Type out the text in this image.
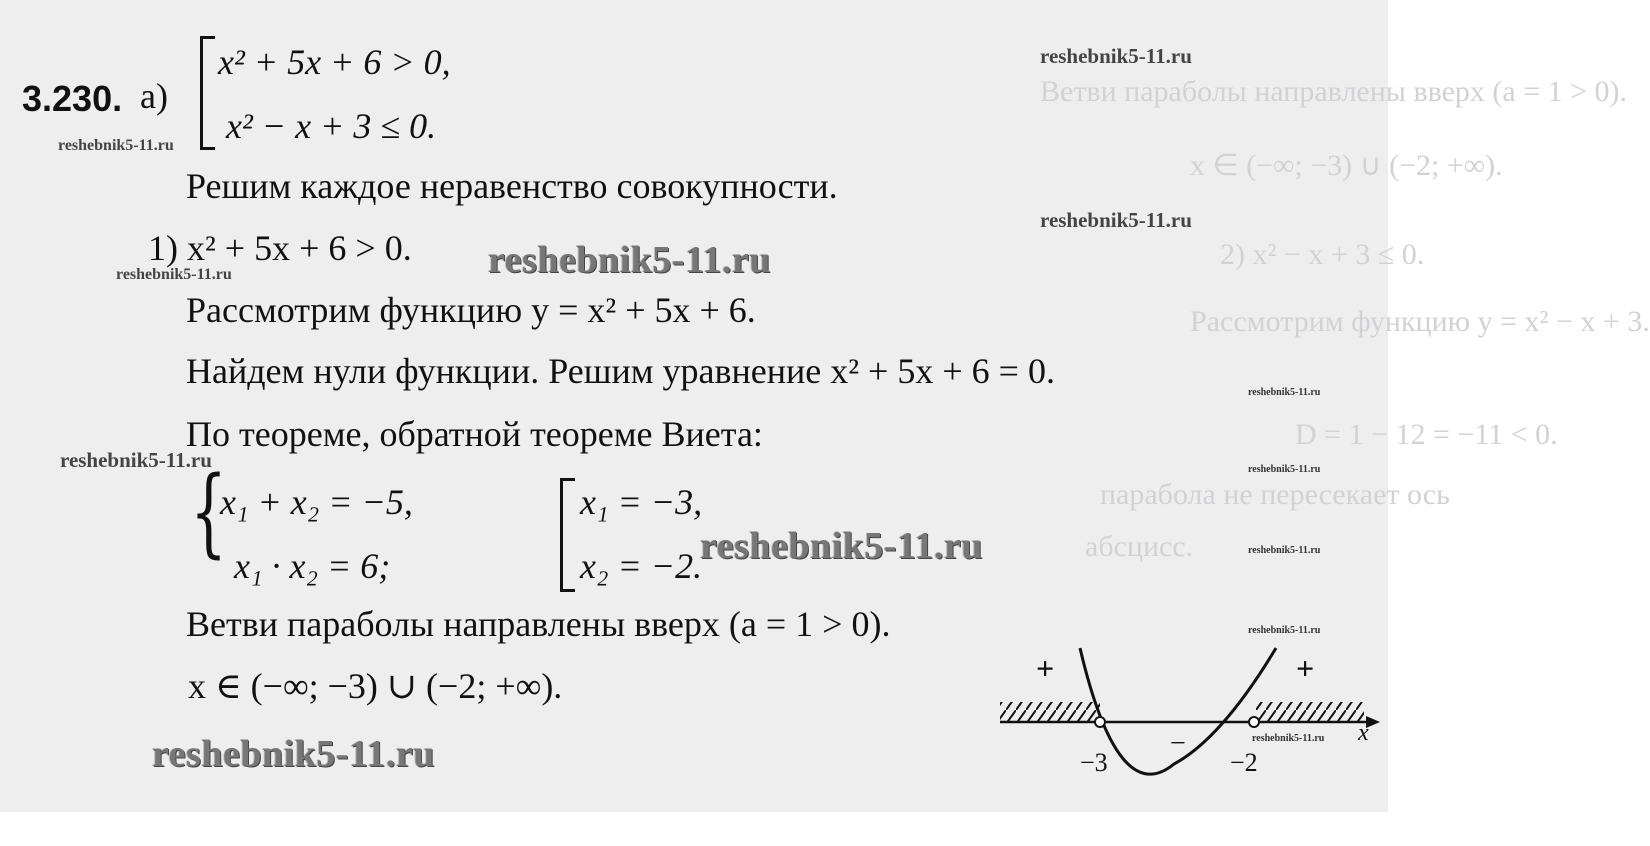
Ветви параболы направлены вверх (a = 1 > 0).
x ∈ (−∞; −3) ∪ (−2; +∞).
2) x² − x + 3 ≤ 0.
Рассмотрим функцию y = x² − x + 3.
D = 1 − 12 = −11 < 0.
парабола не пересекает ось
абсцисс.
3.230. а)
x² + 5x + 6 > 0,
x² − x + 3 ≤ 0.
Решим каждое неравенство совокупности.
1) x² + 5x + 6 > 0.
Рассмотрим функцию y = x² + 5x + 6.
Найдем нули функции. Решим уравнение x² + 5x + 6 = 0.
По теореме, обратной теореме Виета:
{
x₁ + x₂ = −5,
x₁ · x₂ = 6;
x₁ = −3,
x₂ = −2.
Ветви параболы направлены вверх (a = 1 > 0).
x ∈ (−∞; −3) ∪ (−2; +∞).	+	+
−
−3	−2
x
reshebnik5-11.ru
reshebnik5-11.ru
reshebnik5-11.ru
reshebnik5-11.ru
reshebnik5-11.ru
reshebnik5-11.ru
reshebnik5-11.ru	reshebnik5-11.ru
reshebnik5-11.ru	reshebnik5-11.ru
reshebnik5-11.ru
reshebnik5-11.ru
reshebnik5-11.ru
